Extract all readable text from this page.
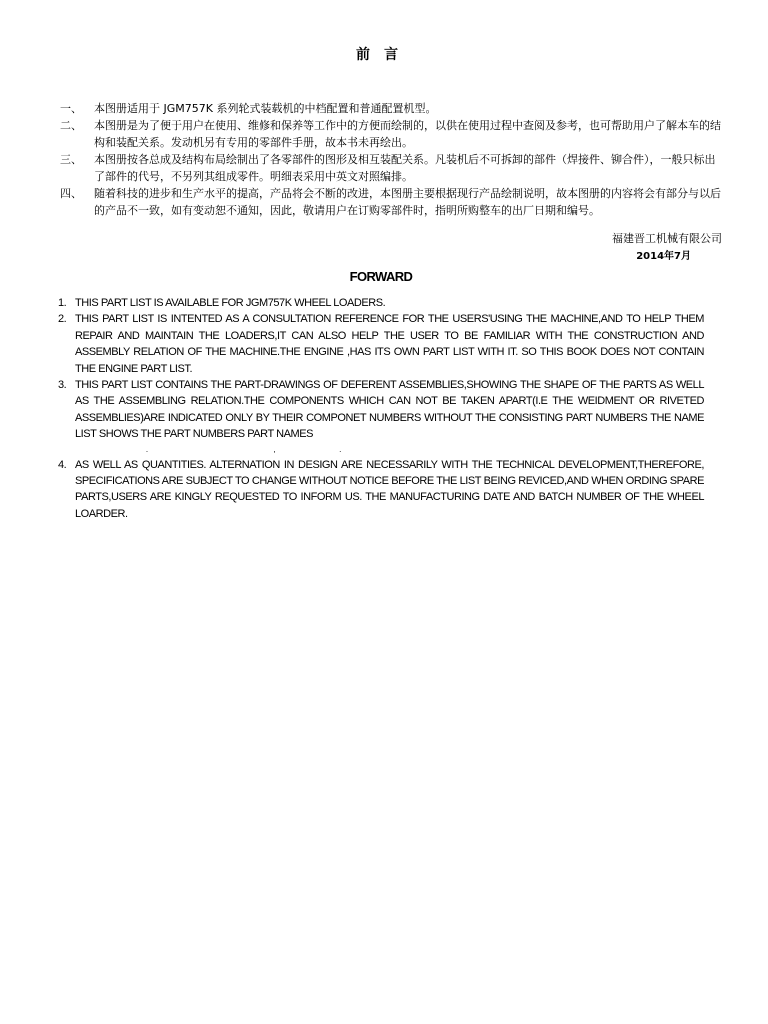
前言
一、	本图册适用于 JGM757K 系列轮式装载机的中档配置和普通配置机型。
二、	本图册是为了便于用户在使用、维修和保养等工作中的方便而绘制的，以供在使用过程中查阅及参考，也可帮助用户了解本车的结构和装配关系。发动机另有专用的零部件手册，故本书未再绘出。
三、	本图册按各总成及结构布局绘制出了各零部件的图形及相互装配关系。凡装机后不可拆卸的部件（焊接件、铆合件），一般只标出了部件的代号，不另列其组成零件。明细表采用中英文对照编排。
四、	随着科技的进步和生产水平的提高，产品将会不断的改进，本图册主要根据现行产品绘制说明，故本图册的内容将会有部分与以后的产品不一致，如有变动恕不通知，因此，敬请用户在订购零部件时，指明所购整车的出厂日期和编号。
福建晋工机械有限公司
2014年7月
FORWARD
1. THIS PART LIST IS AVAILABLE FOR JGM757K WHEEL LOADERS.
2. THIS PART LIST IS INTENTED AS A CONSULTATION REFERENCE FOR THE USERS'USING THE MACHINE,AND TO HELP THEM REPAIR AND MAINTAIN THE LOADERS,IT CAN ALSO HELP THE USER TO BE FAMILIAR WITH THE CONSTRUCTION AND ASSEMBLY RELATION OF THE MACHINE.THE ENGINE ,HAS ITS OWN PART LIST WITH IT. SO THIS BOOK DOES NOT CONTAIN THE ENGINE PART LIST.
3. THIS PART LIST CONTAINS THE PART-DRAWINGS OF DEFERENT ASSEMBLIES,SHOWING THE SHAPE OF THE PARTS AS WELL AS THE ASSEMBLING RELATION.THE COMPONENTS WHICH CAN NOT BE TAKEN APART(I.E THE WEIDMENT OR RIVETED ASSEMBLIES)ARE INDICATED ONLY BY THEIR COMPONET NUMBERS WITHOUT THE CONSISTING PART NUMBERS THE NAME LIST SHOWS THE PART NUMBERS PART NAMES
.                                                                       ,                                    .
4. AS WELL AS QUANTITIES. ALTERNATION IN DESIGN ARE NECESSARILY WITH THE TECHNICAL DEVELOPMENT,THEREFORE, SPECIFICATIONS ARE SUBJECT TO CHANGE WITHOUT NOTICE BEFORE THE LIST BEING REVICED,AND WHEN ORDING SPARE PARTS,USERS ARE KINGLY REQUESTED TO INFORM US. THE MANUFACTURING DATE AND BATCH NUMBER OF THE WHEEL LOARDER.
